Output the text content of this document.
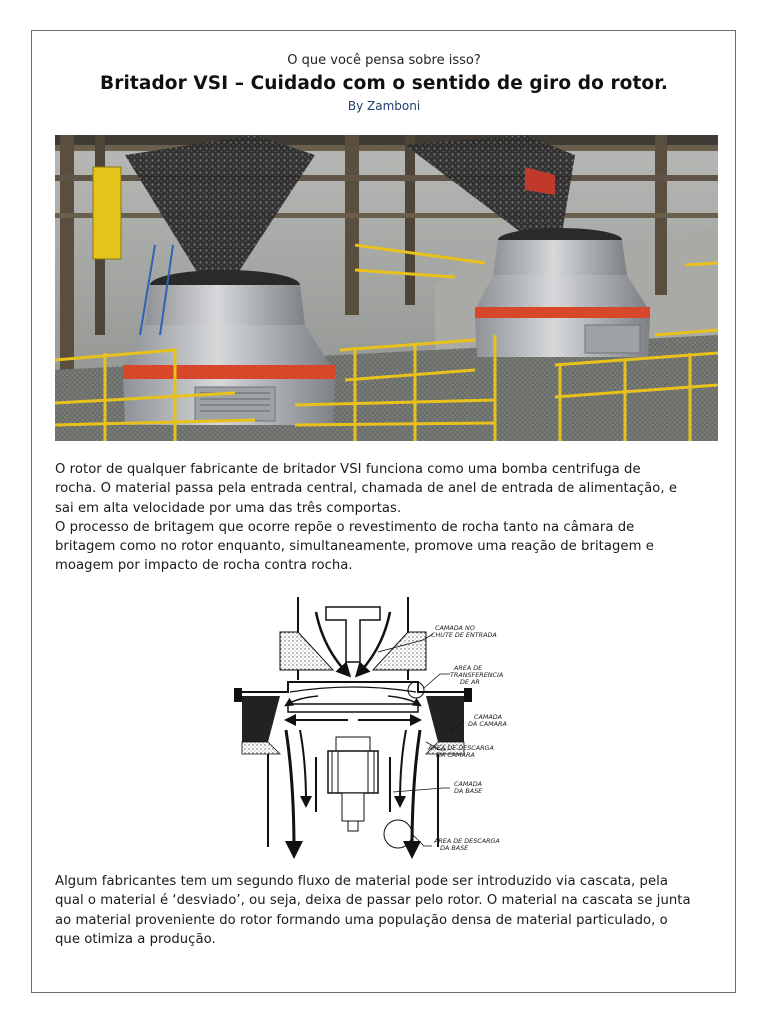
O que você pensa sobre isso?
Britador VSI – Cuidado com o sentido de giro do rotor.
By Zamboni
O rotor de qualquer fabricante de britador VSI funciona como uma bomba centrifuga de
rocha. O material passa pela entrada central, chamada de anel de entrada de alimentação, e
sai em alta velocidade por uma das três comportas.
O processo de britagem que ocorre repõe o revestimento de rocha tanto na câmara de
britagem como no rotor enquanto, simultaneamente, promove uma reação de britagem e
moagem por impacto de rocha contra rocha.
CAMADA NO CHUTE DE ENTRADA
AREA DE TRANSFERENCIA DE AR
CAMADA DA CAMARA
AREA DE DESCARGA DA CAMARA
CAMADA DA BASE
AREA DE DESCARGA DA BASE
Algum fabricantes tem um segundo fluxo de material pode ser introduzido via cascata, pela
qual o material é ‘desviado’, ou seja, deixa de passar pelo rotor. O material na cascata se junta
ao material proveniente do rotor formando uma população densa de material particulado, o
que otimiza a produção.
